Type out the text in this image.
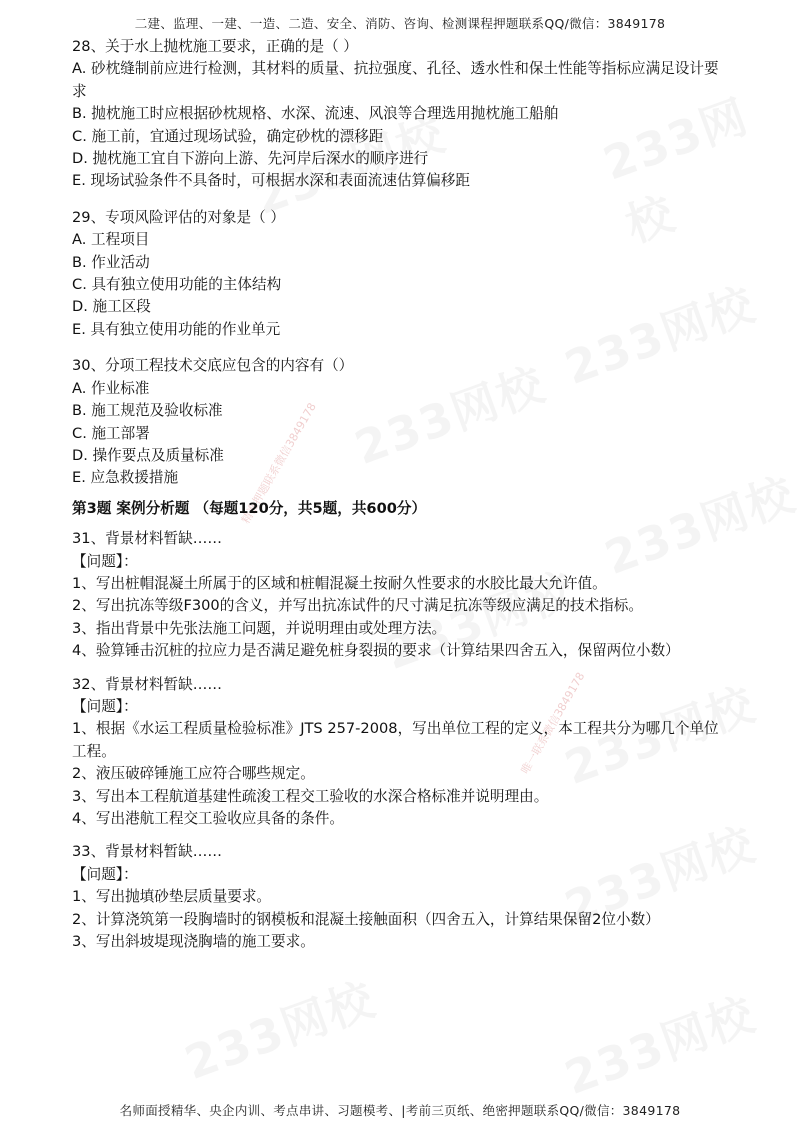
精准押题联系微信3849178
唯一联系微信3849178
二建、监理、一建、一造、二造、安全、消防、咨询、检测课程押题联系QQ/微信：3849178
28、关于水上抛枕施工要求，正确的是（ ）
A. 砂枕缝制前应进行检测，其材料的质量、抗拉强度、孔径、透水性和保土性能等指标应满足设计要求
B. 抛枕施工时应根据砂枕规格、水深、流速、风浪等合理选用抛枕施工船舶
C. 施工前，宜通过现场试验，确定砂枕的漂移距
D. 抛枕施工宜自下游向上游、先河岸后深水的顺序进行
E. 现场试验条件不具备时，可根据水深和表面流速估算偏移距
29、专项风险评估的对象是（ ）
A. 工程项目
B. 作业活动
C. 具有独立使用功能的主体结构
D. 施工区段
E. 具有独立使用功能的作业单元
30、分项工程技术交底应包含的内容有（）
A. 作业标准
B. 施工规范及验收标准
C. 施工部署
D. 操作要点及质量标准
E. 应急救援措施
第3题 案例分析题 （每题120分，共5题，共600分）
31、背景材料暂缺……
【问题】：
1、写出桩帽混凝土所属于的区域和桩帽混凝土按耐久性要求的水胶比最大允许值。
2、写出抗冻等级F300的含义，并写出抗冻试件的尺寸满足抗冻等级应满足的技术指标。
3、指出背景中先张法施工问题，并说明理由或处理方法。
4、验算锤击沉桩的拉应力是否满足避免桩身裂损的要求（计算结果四舍五入，保留两位小数）
32、背景材料暂缺……
【问题】：
1、根据《水运工程质量检验标准》JTS 257-2008，写出单位工程的定义，本工程共分为哪几个单位工程。
2、液压破碎锤施工应符合哪些规定。
3、写出本工程航道基建性疏浚工程交工验收的水深合格标准并说明理由。
4、写出港航工程交工验收应具备的条件。
33、背景材料暂缺……
【问题】：
1、写出抛填砂垫层质量要求。
2、计算浇筑第一段胸墙时的钢模板和混凝土接触面积（四舍五入，计算结果保留2位小数）
3、写出斜坡堤现浇胸墙的施工要求。
名师面授精华、央企内训、考点串讲、习题模考、|考前三页纸、绝密押题联系QQ/微信：3849178
